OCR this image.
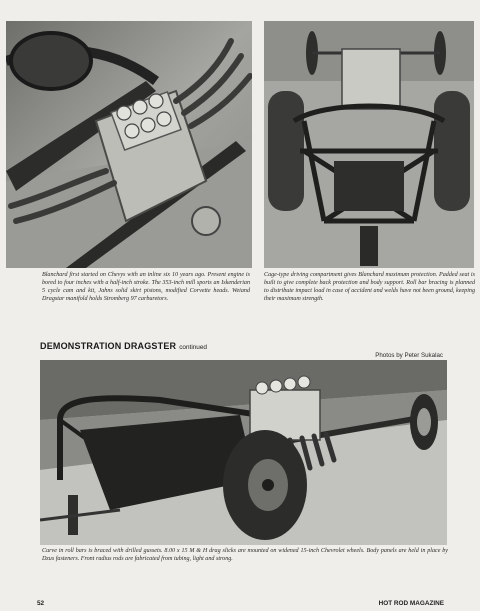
Blanchard first started on Chevys with an inline six 10 years ago. Present engine is bored to four inches with a half-inch stroke. The 353-inch mill sports an Iskenderian 5 cycle cam and kit, Jahns solid skirt pistons, modified Corvette heads. Weiand Dragstar manifold holds Stromberg 97 carburetors.

Cage-type driving compartment gives Blanchard maximum protection. Padded seat is built to give complete back protection and body support. Roll bar bracing is planned to distribute impact load in case of accident and welds have not been ground, keeping their maximum strength.

DEMONSTRATION DRAGSTER continued
Photos by Peter Sukalac

Curve in roll bars is braced with drilled gussets. 8.00 x 15 M & H drag slicks are mounted on widened 15-inch Chevrolet wheels. Body panels are held in place by Dzus fasteners. Front radius rods are fabricated from tubing, light and strong.

52	HOT ROD MAGAZINE
